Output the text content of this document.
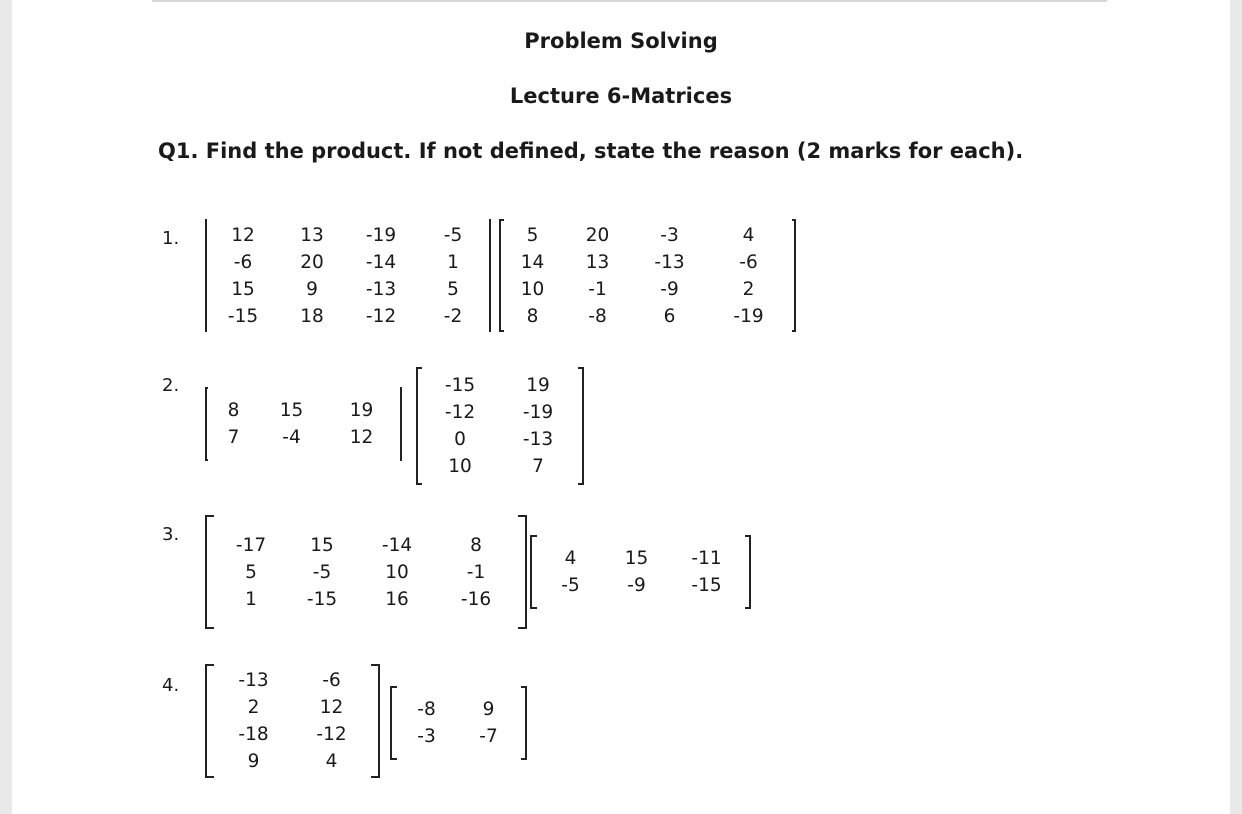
Problem Solving
Lecture 6-Matrices
Q1. Find the product. If not defined, state the reason (2 marks for each).
1.	12	13	-19	-5
-6	20	-14	1
15	9	-13	5
-15	18	-12	-2
5	20	-3	4
14	13	-13	-6
10	-1	-9	2
8	-8	6	-19
2.
8	15	19
7	-4	12
-15	19
-12	-19
0	-13
10	7
3.	-17	15	-14	8
5	-5	10	-1
1	-15	16	-16
4	15	-11
-5	-9	-15
4.	-13	-6
2	12
-18	-12
9	4
-8	9
-3	-7
